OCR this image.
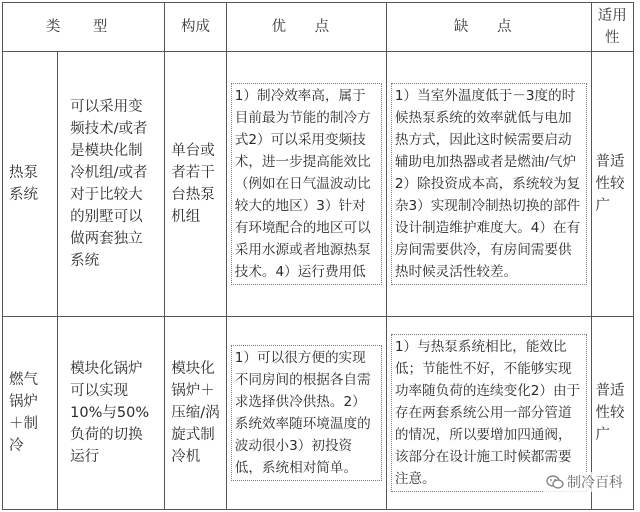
类 型		构成	优 点	缺 点	适用性
热泵系统	可以采用变频技术/或者是模块化制冷机组/或者对于比较大的别墅可以做两套独立系统	单台或者若干台热泵机组	1）制冷效率高，属于目前最为节能的制冷方式2）可以采用变频技术，进一步提高能效比（例如在日气温波动比较大的地区）3）针对有环境配合的地区可以采用水源或者地源热泵技术。4）运行费用低	1）当室外温度低于－3度的时候热泵系统的效率就低与电加热方式，因此这时候需要启动辅助电加热器或者是燃油/气炉2）除投资成本高，系统较为复杂3）实现制冷制热切换的部件设计制造维护难度大。4）在有房间需要供冷，有房间需要供热时候灵活性较差。	普适性较广
燃气锅炉＋制冷	模块化锅炉可以实现10%与50%负荷的切换运行	模块化锅炉＋压缩/涡旋式制冷机	1）可以很方便的实现不同房间的根据各自需求选择供冷供热。2）系统效率随环境温度的波动很小3）初投资低，系统相对简单。	1）与热泵系统相比，能效比低；节能性不好，不能够实现功率随负荷的连续变化2）由于存在两套系统公用一部分管道的情况，所以要增加四通阀，该部分在设计施工时候都需要注意。	普适性较广
制冷百科
